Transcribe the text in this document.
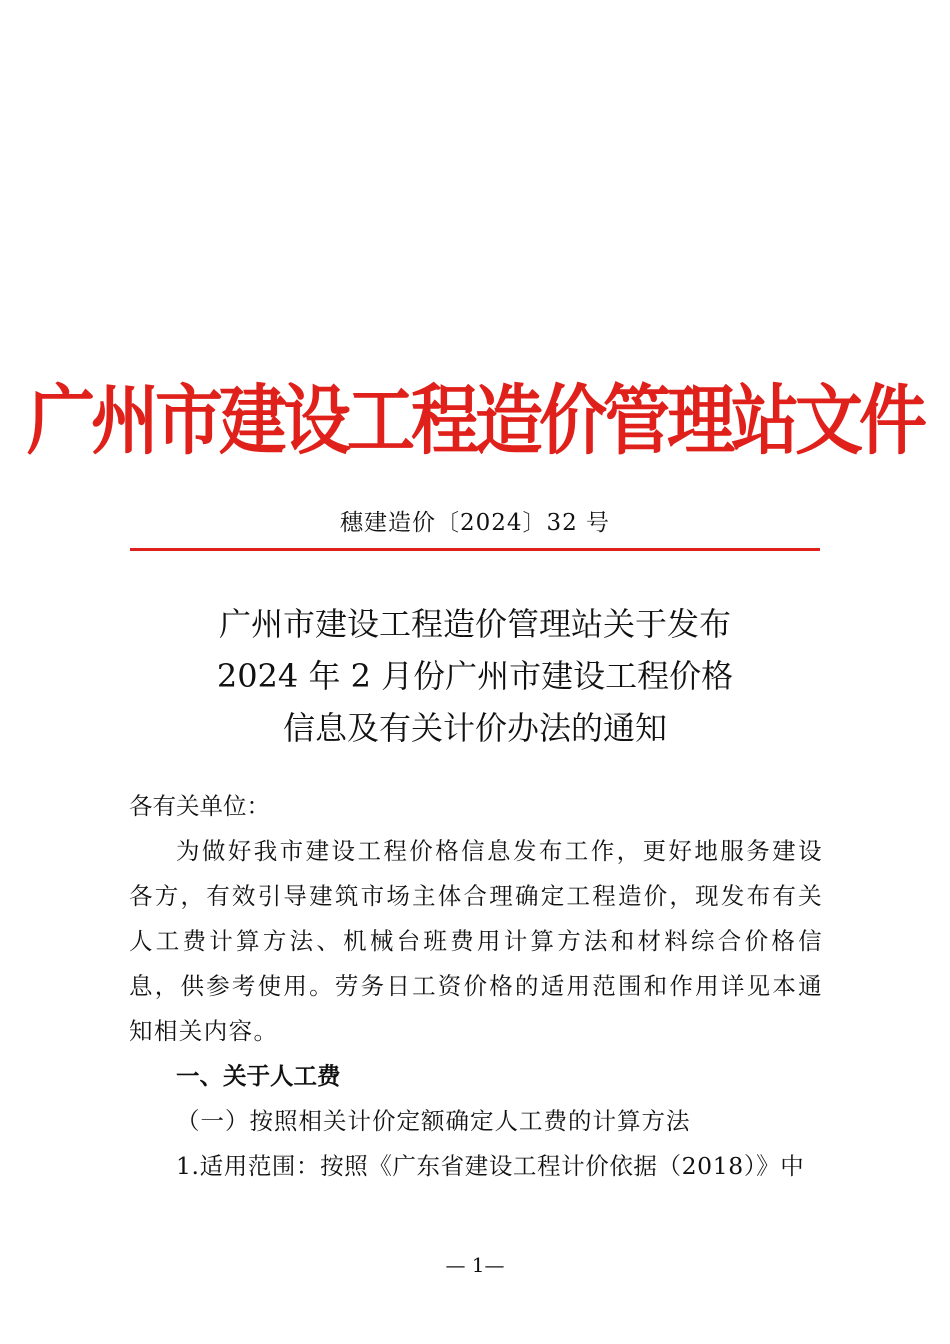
广州市建设工程造价管理站文件
穗建造价〔2024〕32 号
广州市建设工程造价管理站关于发布
2024 年 2 月份广州市建设工程价格
信息及有关计价办法的通知

各有关单位：

为做好我市建设工程价格信息发布工作，更好地服务建设各方，有效引导建筑市场主体合理确定工程造价，现发布有关人工费计算方法、机械台班费用计算方法和材料综合价格信息，供参考使用。劳务日工资价格的适用范围和作用详见本通知相关内容。

一、关于人工费

（一）按照相关计价定额确定人工费的计算方法

1.适用范围：按照《广东省建设工程计价依据（2018）》中

— 1—
